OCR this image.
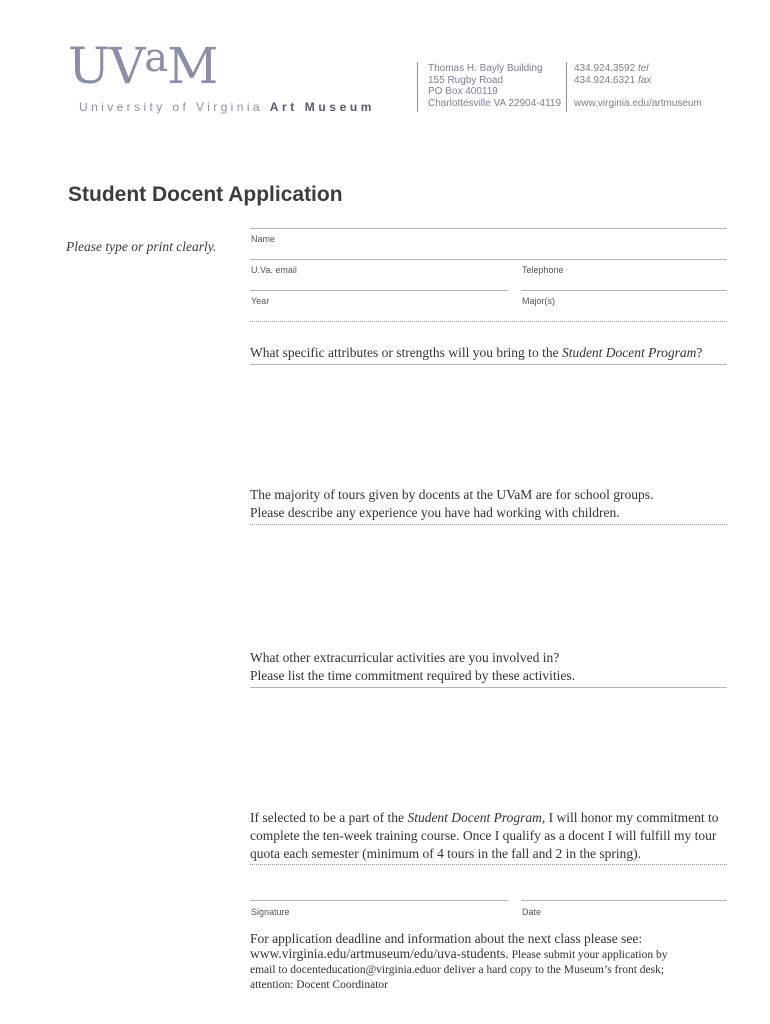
UVaM
University of Virginia Art Museum
Thomas H. Bayly Building
155 Rugby Road
PO Box 400119
Charlottesville VA 22904-4119
434.924.3592 tel
434.924.6321 fax
www.virginia.edu/artmuseum
Student Docent Application
Please type or print clearly.	Name
U.Va. email	Telephone
Year	Major(s)
What specific attributes or strengths will you bring to the Student Docent Program?
The majority of tours given by docents at the UVaM are for school groups.
Please describe any experience you have had working with children.
What other extracurricular activities are you involved in?
Please list the time commitment required by these activities.
If selected to be a part of the Student Docent Program, I will honor my commitment to complete the ten-week training course. Once I qualify as a docent I will fulfill my tour quota each semester (minimum of 4 tours in the fall and 2 in the spring).
Signature	Date
For application deadline and information about the next class please see:
www.virginia.edu/artmuseum/edu/uva-students. Please submit your application by
email to docenteducation@virginia.eduor deliver a hard copy to the Museum’s front desk;
attention: Docent Coordinator
